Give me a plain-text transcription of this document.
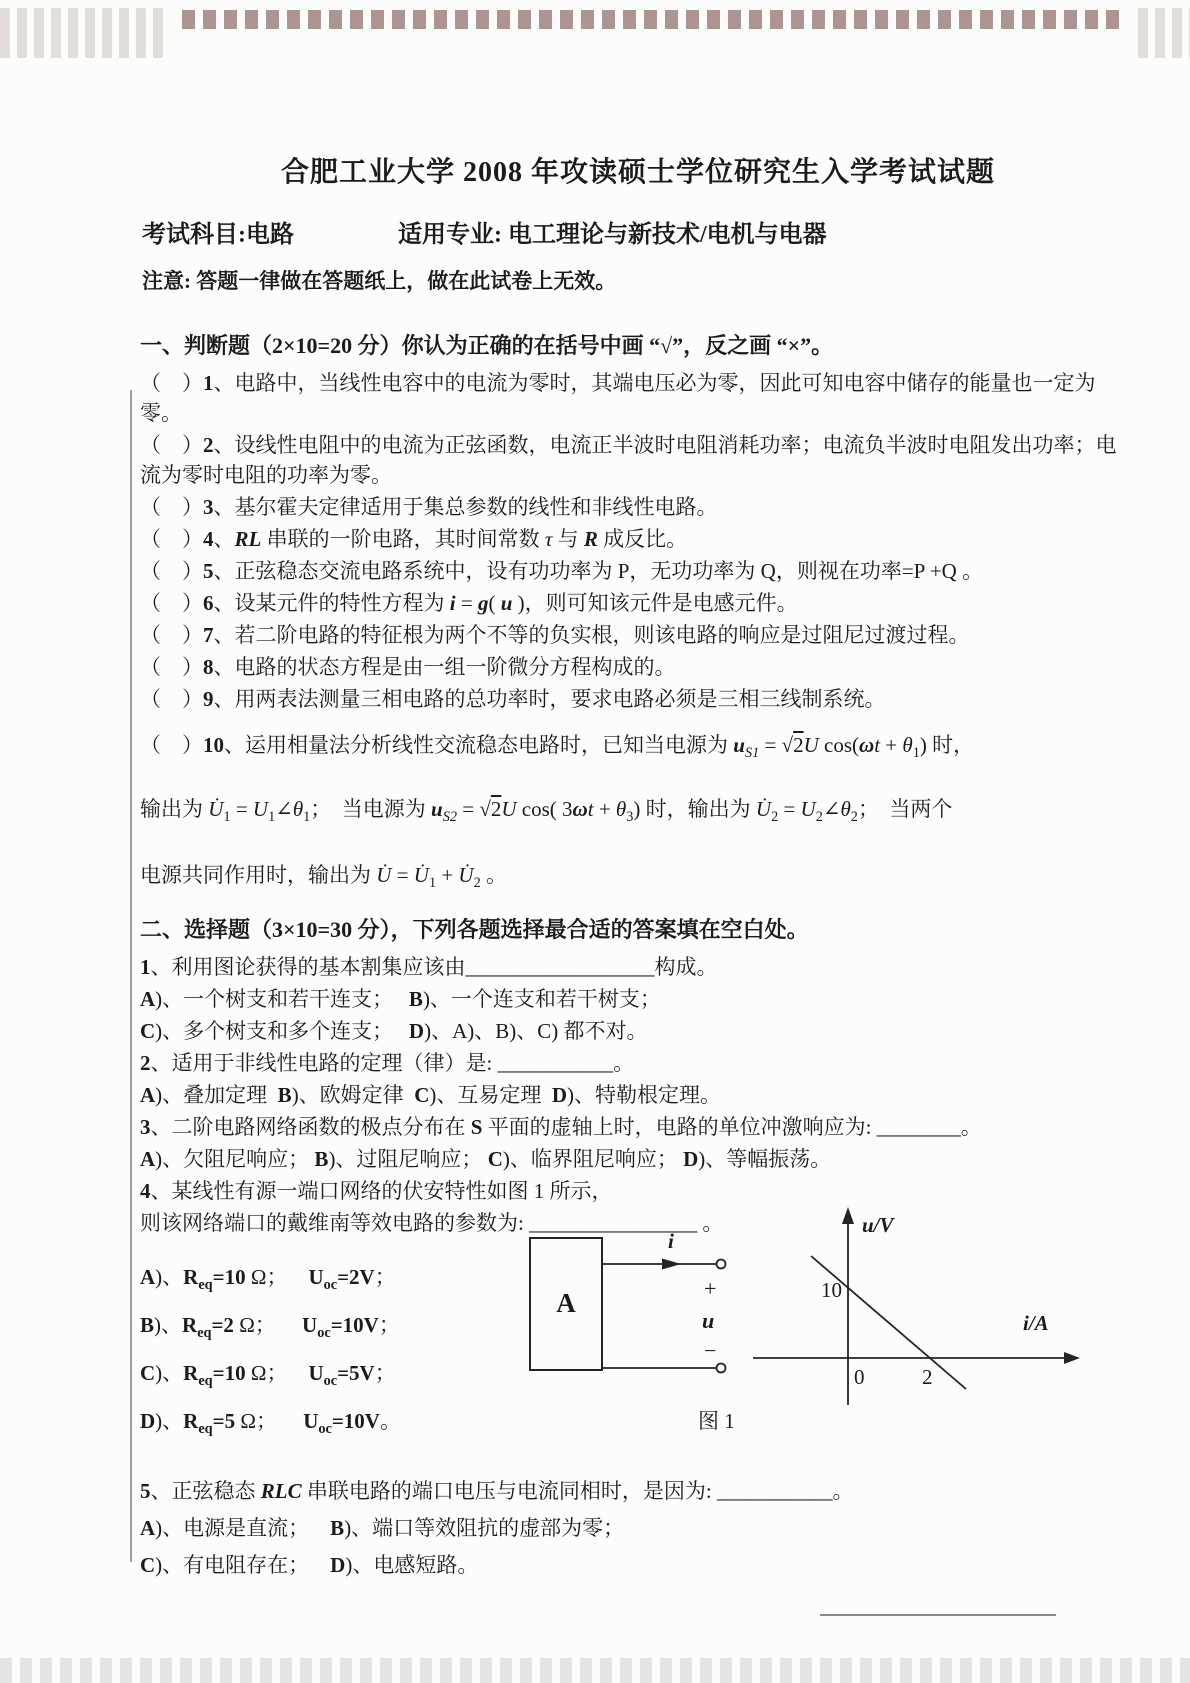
合肥工业大学 2008 年攻读硕士学位研究生入学考试试题
考试科目:电路	适用专业: 电工理论与新技术/电机与电器

注意: 答题一律做在答题纸上，做在此试卷上无效。

一、判断题（2×10=20 分）你认为正确的在括号中画 “√”，反之画 “×”。

（　）1、电路中，当线性电容中的电流为零时，其端电压必为零，因此可知电容中储存的能量也一定为零。

（　）2、设线性电阻中的电流为正弦函数，电流正半波时电阻消耗功率；电流负半波时电阻发出功率；电流为零时电阻的功率为零。

（　）3、基尔霍夫定律适用于集总参数的线性和非线性电路。

（　）4、RL 串联的一阶电路，其时间常数 τ 与 R 成反比。

（　）5、正弦稳态交流电路系统中，设有功功率为 P，无功功率为 Q，则视在功率=P +Q 。

（　）6、设某元件的特性方程为 i = g( u )，则可知该元件是电感元件。

（　）7、若二阶电路的特征根为两个不等的负实根，则该电路的响应是过阻尼过渡过程。

（　）8、电路的状态方程是由一组一阶微分方程构成的。

（　）9、用两表法测量三相电路的总功率时，要求电路必须是三相三线制系统。

（　）10、运用相量法分析线性交流稳态电路时，已知当电源为 $u_{S1} = √2U$ $\cos(\omega t + \theta_1)$ 时，

输出为 $U̇_1$ = $U_1\angle\theta_1$；  当电源为 $u_{S2} = √2U$ cos( $3\omega t + \theta_3$) 时，输出为 $U̇_2$ = $U_2\angle\theta_2$；  当两个

电源共同作用时，输出为 U̇ = $U̇_1$ + $U̇_2$ 。

二、选择题（3×10=30 分），下列各题选择最合适的答案填在空白处。

1、利用图论获得的基本割集应该由__________________构成。

A)、一个树支和若干连支；   B)、一个连支和若干树支；

C)、多个树支和多个连支；   D)、A)、B)、C) 都不对。

2、适用于非线性电路的定理（律）是: ___________。

A)、叠加定理  B)、欧姆定律  C)、互易定理  D)、特勒根定理。

3、二阶电路网络函数的极点分布在 S 平面的虚轴上时，电路的单位冲激响应为: ________。

A)、欠阻尼响应； B)、过阻尼响应； C)、临界阻尼响应； D)、等幅振荡。

4、某线性有源一端口网络的伏安特性如图 1 所示，

则该网络端口的戴维南等效电路的参数为: ________________ 。

A)、$R_{eq}=10$ Ω；    $U_{oc}=2V$；

B)、$R_{eq}=2$ Ω；     $U_{oc}=10V$；

C)、$R_{eq}=10$ Ω；    $U_{oc}=5V$；

D)、$R_{eq}=5$ Ω；     $U_{oc}=10V$。

A
i
+
u
−
图 1
u/V
i/A
10
0	2

5、正弦稳态 RLC 串联电路的端口电压与电流同相时，是因为: ___________。

A)、电源是直流；    B)、端口等效阻抗的虚部为零；

C)、有电阻存在；    D)、电感短路。
